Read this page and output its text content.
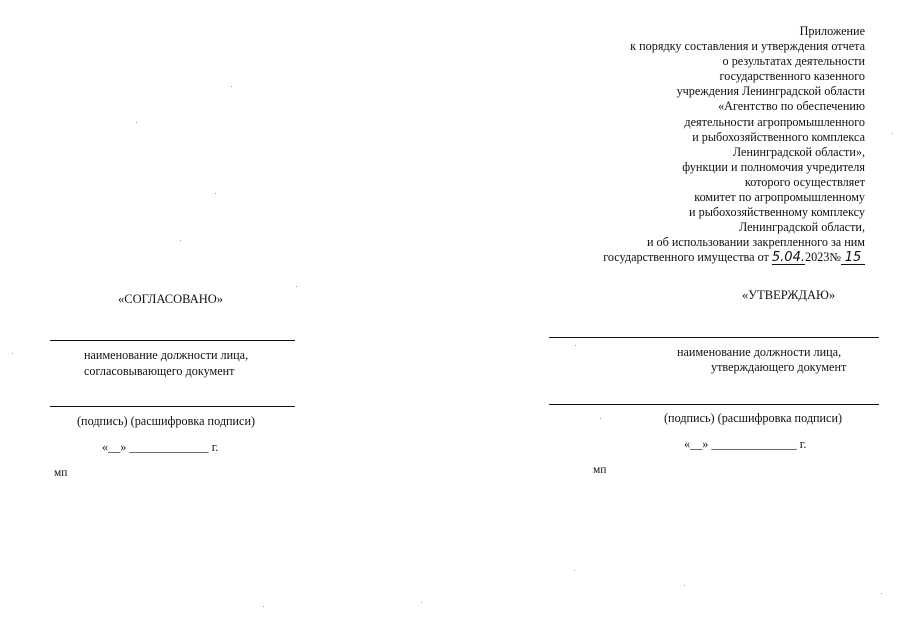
Приложение
к порядку составления и утверждения отчета
о результатах деятельности
государственного казенного
учреждения Ленинградской области
«Агентство по обеспечению
деятельности агропромышленного
и рыбохозяйственного комплекса
Ленинградской области»,
функции и полномочия учредителя
которого осуществляет
комитет по агропромышленному
и рыбохозяйственному комплексу
Ленинградской области,
и об использовании закрепленного за ним
государственного имущества от 5.04.2023№ 15
«СОГЛАСОВАНО»
наименование должности лица,
согласовывающего документ
(подпись) (расшифровка подписи)
«__» _____________ г.
мп
«УТВЕРЖДАЮ»
наименование должности лица,
утверждающего документ
(подпись) (расшифровка подписи)
«__» ______________ г.
мп
